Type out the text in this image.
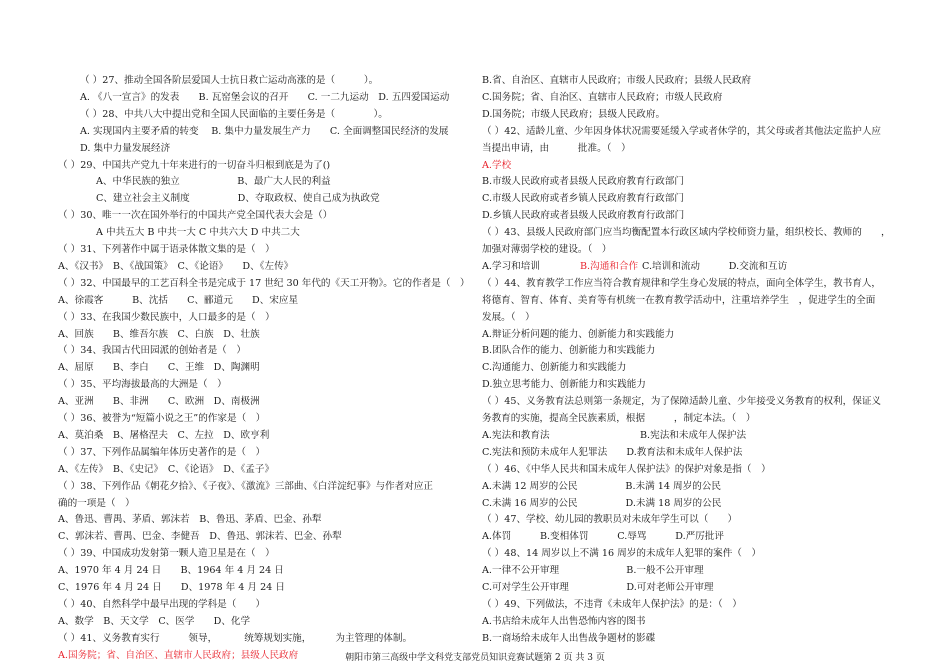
（ ）27、推动全国各阶层爱国人士抗日救亡运动高涨的是（　　　）。
A. 《八一宣言》的发表　　B. 瓦窑堡会议的召开　　C. 一二九运动　D. 五四爱国运动
（ ）28、中共八大中提出党和全国人民面临的主要任务是（　　　　）。
A. 实现国内主要矛盾的转变　 B. 集中力量发展生产力　　C. 全面调整国民经济的发展
D. 集中力量发展经济
（ ）29、中国共产党九十年来进行的一切奋斗归根到底是为了()
A、中华民族的独立　　　　　　B、最广大人民的利益
C、建立社会主义制度　　　　　D、夺取政权、使自己成为执政党
（ ）30、唯一一次在国外举行的中国共产党全国代表大会是（）
A 中共五大 B 中共一大 C 中共六大 D 中共二大
（ ）31、下列著作中属于语录体散文集的是（　）
A、《汉书》　B、《战国策》　C、《论语》　　D、《左传》
（ ）32、中国最早的工艺百科全书是完成于 17 世纪 30 年代的《天工开物》。它的作者是（　）
A、徐霞客　　　B、沈括　　C、郦道元　　D、宋应星
（ ）33、在我国少数民族中，人口最多的是（　）
A、回族　　B、维吾尔族　C、白族　D、壮族
（ ）34、我国古代田园派的创始者是（　）
A、屈原　　B、李白　　C、王维　D、陶渊明
（ ）35、平均海拔最高的大洲是（　）
A、亚洲　　B、非洲　　C、欧洲　D、南极洲
（ ）36、被誉为“短篇小说之王”的作家是（　）
A、莫泊桑　B、屠格涅夫　C、左拉　D、欧亨利
（ ）37、下列作品属编年体历史著作的是（　）
A、《左传》　B、《史记》　C、《论语》　D、《孟子》
（ ）38、下列作品《朝花夕拾》、《子夜》、《激流》三部曲、《白洋淀纪事》与作者对应正
确的一项是（　）
A、鲁迅、曹禺、茅盾、郭沫若　B、鲁迅、茅盾、巴金、孙犁
C、郭沫若、曹禺、巴金、李健吾　D、鲁迅、郭沫若、巴金、孙犁
（ ）39、中国成功发射第一颗人造卫星是在（　）
A、1970 年 4 月 24 日　　B、1964 年 4 月 24 日
C、1976 年 4 月 24 日　　D、1978 年 4 月 24 日
（ ）40、自然科学中最早出现的学科是（　　）
A、数学　B、天文学　C、医学　　D、化学
（ ）41、义务教育实行　　　领导，　　　 统筹规划实施，　　　为主管理的体制。
A.国务院；省、自治区、直辖市人民政府；县级人民政府
B.省、自治区、直辖市人民政府；市级人民政府；县级人民政府
C.国务院；省、自治区、直辖市人民政府；市级人民政府
D.国务院；市级人民政府；县级人民政府。
（ ）42、适龄儿童、少年因身体状况需要延缓入学或者休学的，其父母或者其他法定监护人应
当提出申请，由　　　批准。（　）
A.学校
B.市级人民政府或者县级人民政府教育行政部门
C.市级人民政府或者乡镇人民政府教育行政部门
D.乡镇人民政府或者县级人民政府教育行政部门
（ ）43、县级人民政府部门应当均衡配置本行政区域内学校师资力量，组织校长、教师的　　，
加强对薄弱学校的建设。（　）
A.学习和培训	B.沟通和合作 C.培训和流动　　　D.交流和互访
（ ）44、教育教学工作应当符合教育规律和学生身心发展的特点，面向全体学生，教书育人，
将德育、智育、体育、美育等有机统一在教育教学活动中，注重培养学生　，促进学生的全面
发展。（　）
A.辩证分析问题的能力、创新能力和实践能力
B.团队合作的能力、创新能力和实践能力
C.沟通能力、创新能力和实践能力
D.独立思考能力、创新能力和实践能力
（ ）45、义务教育法总则第一条规定，为了保障适龄儿童、少年接受义务教育的权利，保证义
务教育的实施，提高全民族素质，根据　　　，制定本法。（　）
A.宪法和教育法	B.宪法和未成年人保护法
C.宪法和预防未成年人犯罪法　　D.教育法和未成年人保护法
（ ）46、《中华人民共和国未成年人保护法》的保护对象是指（　）
A.未满 12 周岁的公民　　　　　B.未满 14 周岁的公民
C.未满 16 周岁的公民　　　　　D.未满 18 周岁的公民
（ ）47、学校、幼儿园的教职员对未成年学生可以（　　）
A.体罚　　　B.变相体罚　　　C.辱骂　　　D.严厉批评
（ ）48、14 周岁以上不满 16 周岁的未成年人犯罪的案件（　）
A.一律不公开审理　　　　　　　B.一般不公开审理
C.可对学生公开审理　　　　　　D.可对老师公开审理
（ ）49、下列做法，不违背《未成年人保护法》的是：（　）
A.书店给未成年人出售恐怖内容的图书
B.一商场给未成年人出售战争题材的影碟
朝阳市第三高级中学文科党支部党员知识竞赛试题第 2 页 共 3 页
